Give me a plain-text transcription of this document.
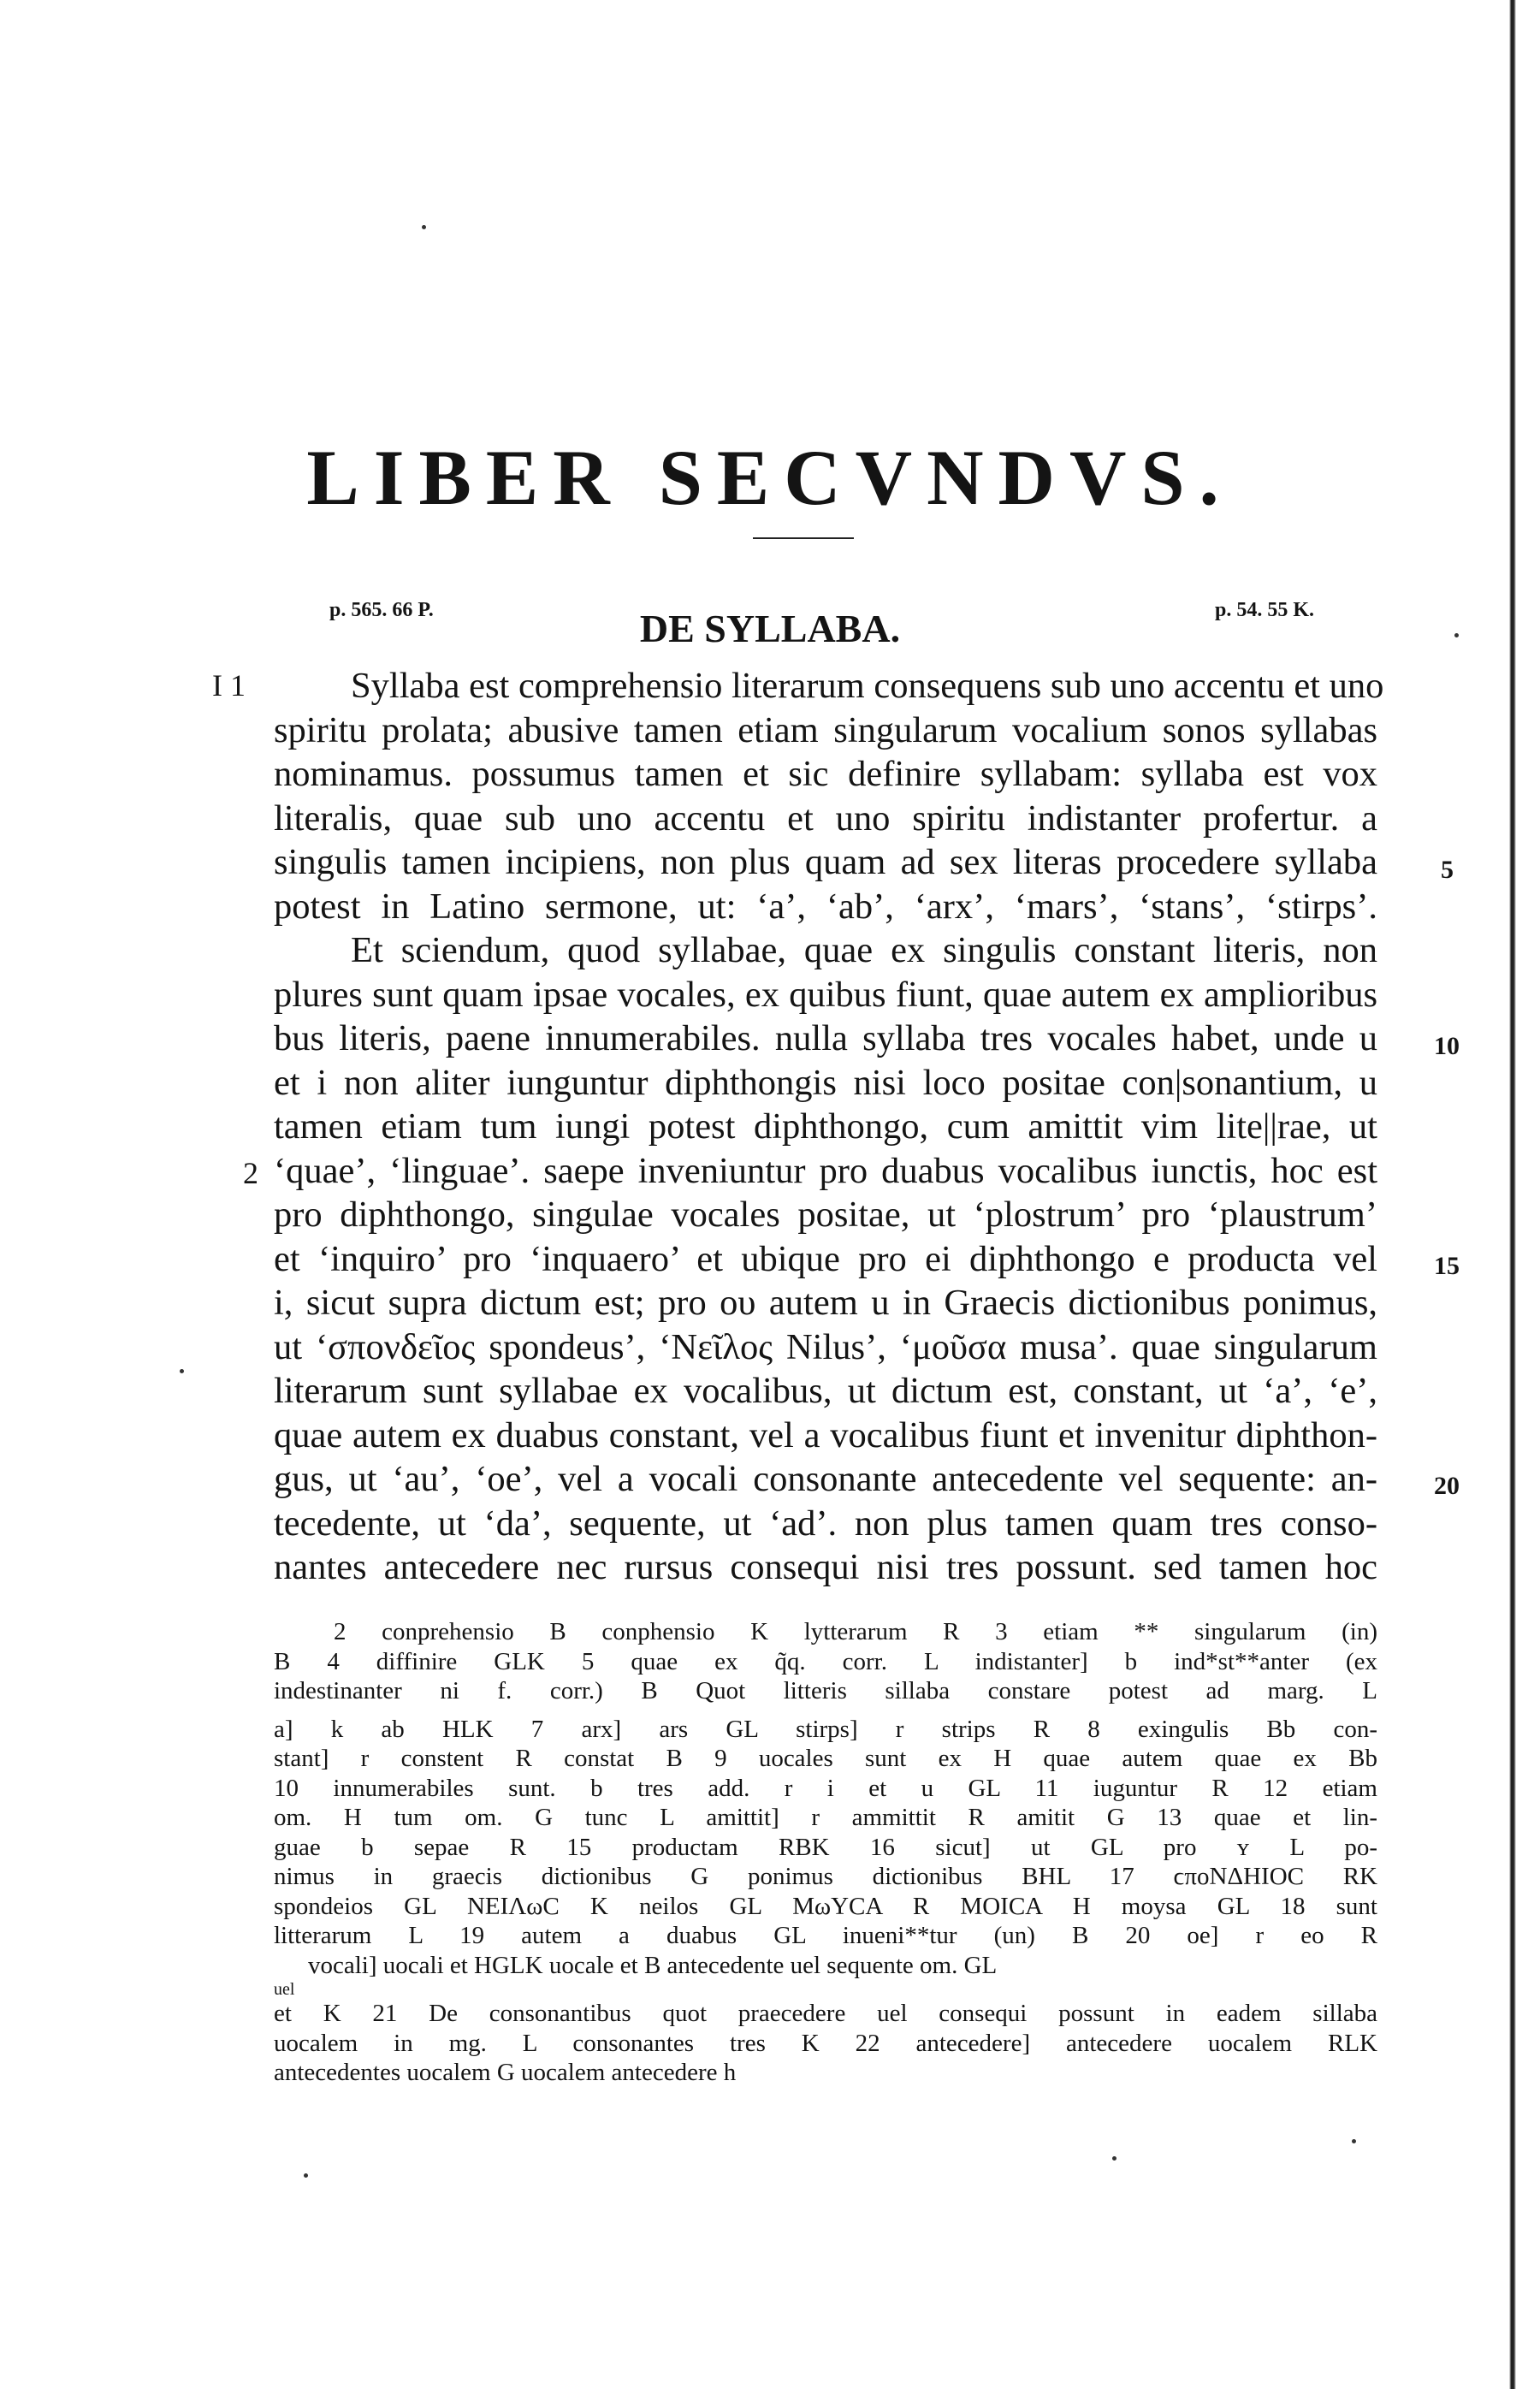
LIBER SECVNDVS.
p. 565. 66 P.	DE SYLLABA.	p. 54. 55 K.
I 1
2
5
10
15
20
Syllaba est comprehensio literarum consequens sub uno accentu et uno
spiritu prolata; abusive tamen etiam singularum vocalium sonos syllabas
nominamus. possumus tamen et sic definire syllabam: syllaba est vox
literalis, quae sub uno accentu et uno spiritu indistanter profertur. a
singulis tamen incipiens, non plus quam ad sex literas procedere syllaba
potest in Latino sermone, ut: ‘a’, ‘ab’, ‘arx’, ‘mars’, ‘stans’, ‘stirps’.
Et sciendum, quod syllabae, quae ex singulis constant literis, non
plures sunt quam ipsae vocales, ex quibus fiunt, quae autem ex amplioribus
bus literis, paene innumerabiles. nulla syllaba tres vocales habet, unde u
et i non aliter iunguntur diphthongis nisi loco positae con|sonantium, u
tamen etiam tum iungi potest diphthongo, cum amittit vim lite||rae, ut
‘quae’, ‘linguae’. saepe inveniuntur pro duabus vocalibus iunctis, hoc est
pro diphthongo, singulae vocales positae, ut ‘plostrum’ pro ‘plaustrum’
et ‘inquiro’ pro ‘inquaero’ et ubique pro ei diphthongo e producta vel
i, sicut supra dictum est; pro ου autem u in Graecis dictionibus ponimus,
ut ‘σπονδεῖος spondeus’, ‘Νεῖλος Nilus’, ‘μοῦσα musa’. quae singularum
literarum sunt syllabae ex vocalibus, ut dictum est, constant, ut ‘a’, ‘e’,
quae autem ex duabus constant, vel a vocalibus fiunt et invenitur diphthon-
gus, ut ‘au’, ‘oe’, vel a vocali consonante antecedente vel sequente: an-
tecedente, ut ‘da’, sequente, ut ‘ad’. non plus tamen quam tres conso-
nantes antecedere nec rursus consequi nisi tres possunt. sed tamen hoc
2 conprehensio B conphensio K lytterarum R 3 etiam ** singularum (in)
B 4 diffinire GLK 5 quae ex q̃q. corr. L indistanter] b ind*st**anter (ex
indestinanter ni f. corr.) B Quot litteris sillaba constare potest ad marg. L
a] k ab HLK 7 arx] ars GL stirps] r strips R 8 exingulis Bb con-
stant] r constent R constat B 9 uocales sunt ex H quae autem quae ex Bb
10 innumerabiles sunt. b tres add. r i et u GL 11 iuguntur R 12 etiam
om. H tum om. G tunc L amittit] r ammittit R amitit G 13 quae et lin-
guae b sepae R 15 productam RBK 16 sicut] ut GL pro ʏ L po-
nimus in graecis dictionibus G ponimus dictionibus BHL 17 ϲποΝΔΗΙΟϹ RK
spondeios GL ΝΕΙΛωϹ K neilos GL ΜωΥϹΑ R ΜΟΙϹΑ H moysa GL 18 sunt
litterarum L 19 autem a duabus GL inueni**tur (un) B 20 oe] r eo R
vocali] uocali et HGLK uocale et B antecedente uel sequente om. GL
uel
et K 21 De consonantibus quot praecedere uel consequi possunt in eadem sillaba
uocalem in mg. L consonantes tres K 22 antecedere] antecedere uocalem RLK
antecedentes uocalem G uocalem antecedere h
